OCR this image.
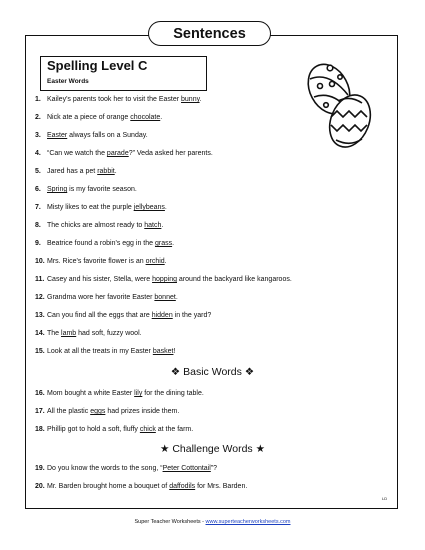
Sentences
Spelling Level C
Easter Words
1. Kailey's parents took her to visit the Easter bunny.
2. Nick ate a piece of orange chocolate.
3. Easter always falls on a Sunday.
4. “Can we watch the parade?” Veda asked her parents.
5. Jared has a pet rabbit.
6. Spring is my favorite season.
7. Misty likes to eat the purple jellybeans.
8. The chicks are almost ready to hatch.
9. Beatrice found a robin's egg in the grass.
10. Mrs. Rice's favorite flower is an orchid.
11. Casey and his sister, Stella, were hopping around the backyard like kangaroos.
12. Grandma wore her favorite Easter bonnet.
13. Can you find all the eggs that are hidden in the yard?
14. The lamb had soft, fuzzy wool.
15. Look at all the treats in my Easter basket!
❖ Basic Words ❖
16. Mom bought a white Easter lily for the dining table.
17. All the plastic eggs had prizes inside them.
18. Phillip got to hold a soft, fluffy chick at the farm.
★ Challenge Words ★
19. Do you know the words to the song, “Peter Cottontail”?
20. Mr. Barden brought home a bouquet of daffodils for Mrs. Barden.
LD
Super Teacher Worksheets - www.superteacherworksheets.com
